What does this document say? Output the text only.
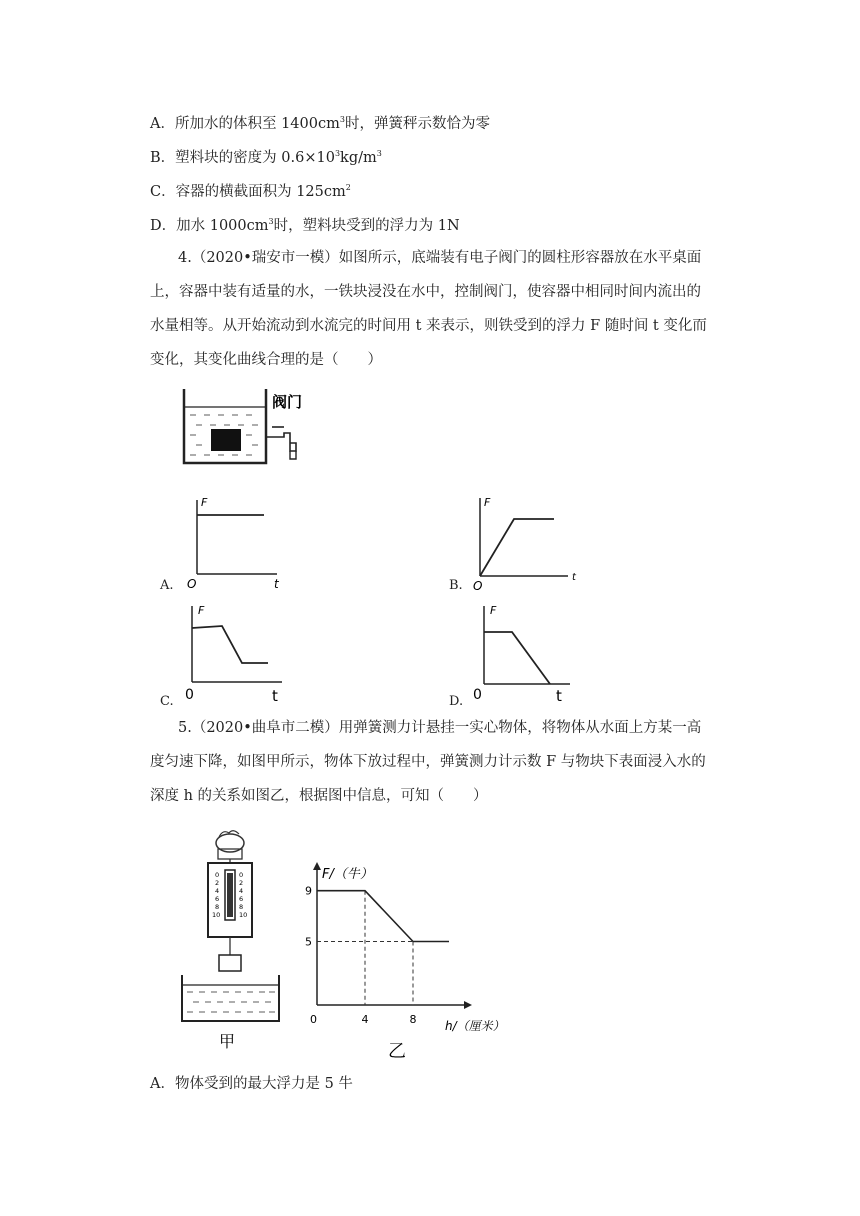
A．所加水的体积至 $1400cm^3$时，弹簧秤示数恰为零
B．塑料块的密度为 $0.6\times 10^3kg/m^3$
C．容器的横截面积为 $125cm^2$
D．加水 $1000cm^3$时，塑料块受到的浮力为 1N
4.（2020•瑞安市一模）如图所示，底端装有电子阀门的圆柱形容器放在水平桌面上，容器中装有适量的水，一铁块浸没在水中，控制阀门，使容器中相同时间内流出的水量相等。从开始流动到水流完的时间用 t 来表示，则铁受到的浮力 F 随时间 t 变化而变化，其变化曲线合理的是（　　）
阀门
A.
F
O	t	B.
F
O
t
C.
F
0	t	D.
F
0	t
5.（2020•曲阜市二模）用弹簧测力计悬挂一实心物体，将物体从水面上方某一高度匀速下降，如图甲所示，物体下放过程中，弹簧测力计示数 F 与物块下表面浸入水的深度 h 的关系如图乙，根据图中信息，可知（　　）
0
2
4
6
8
10
0
2
4
6
8
10
甲
F/（牛）
h/（厘米）
0	4	8
9
5
乙
A．物体受到的最大浮力是 5 牛
